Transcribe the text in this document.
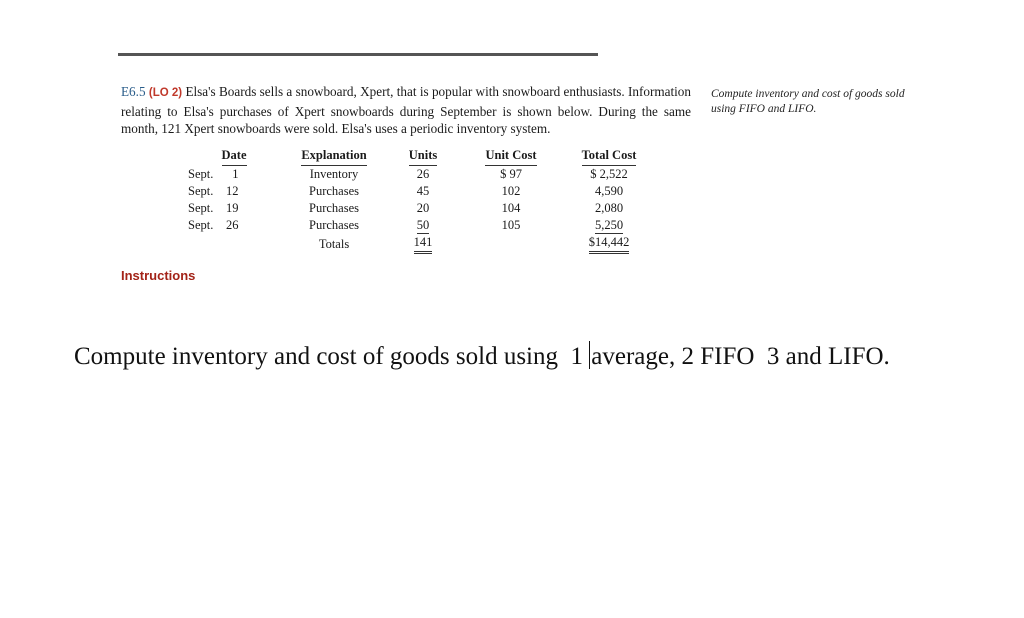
E6.5 (LO 2) Elsa's Boards sells a snowboard, Xpert, that is popular with snowboard enthusiasts. Information relating to Elsa's purchases of Xpert snowboards during September is shown below. During the same month, 121 Xpert snowboards were sold. Elsa's uses a periodic inventory system.
Compute inventory and cost of goods sold using FIFO and LIFO.
Date	Explanation	Units	Unit Cost	Total Cost
Sept. 1	Inventory	26	$ 97	$ 2,522
Sept. 12	Purchases	45	102	4,590
Sept. 19	Purchases	20	104	2,080
Sept. 26	Purchases	50	105	5,250
	Totals	141		$14,442
Instructions
Compute inventory and cost of goods sold using  1 average, 2 FIFO  3 and LIFO.
